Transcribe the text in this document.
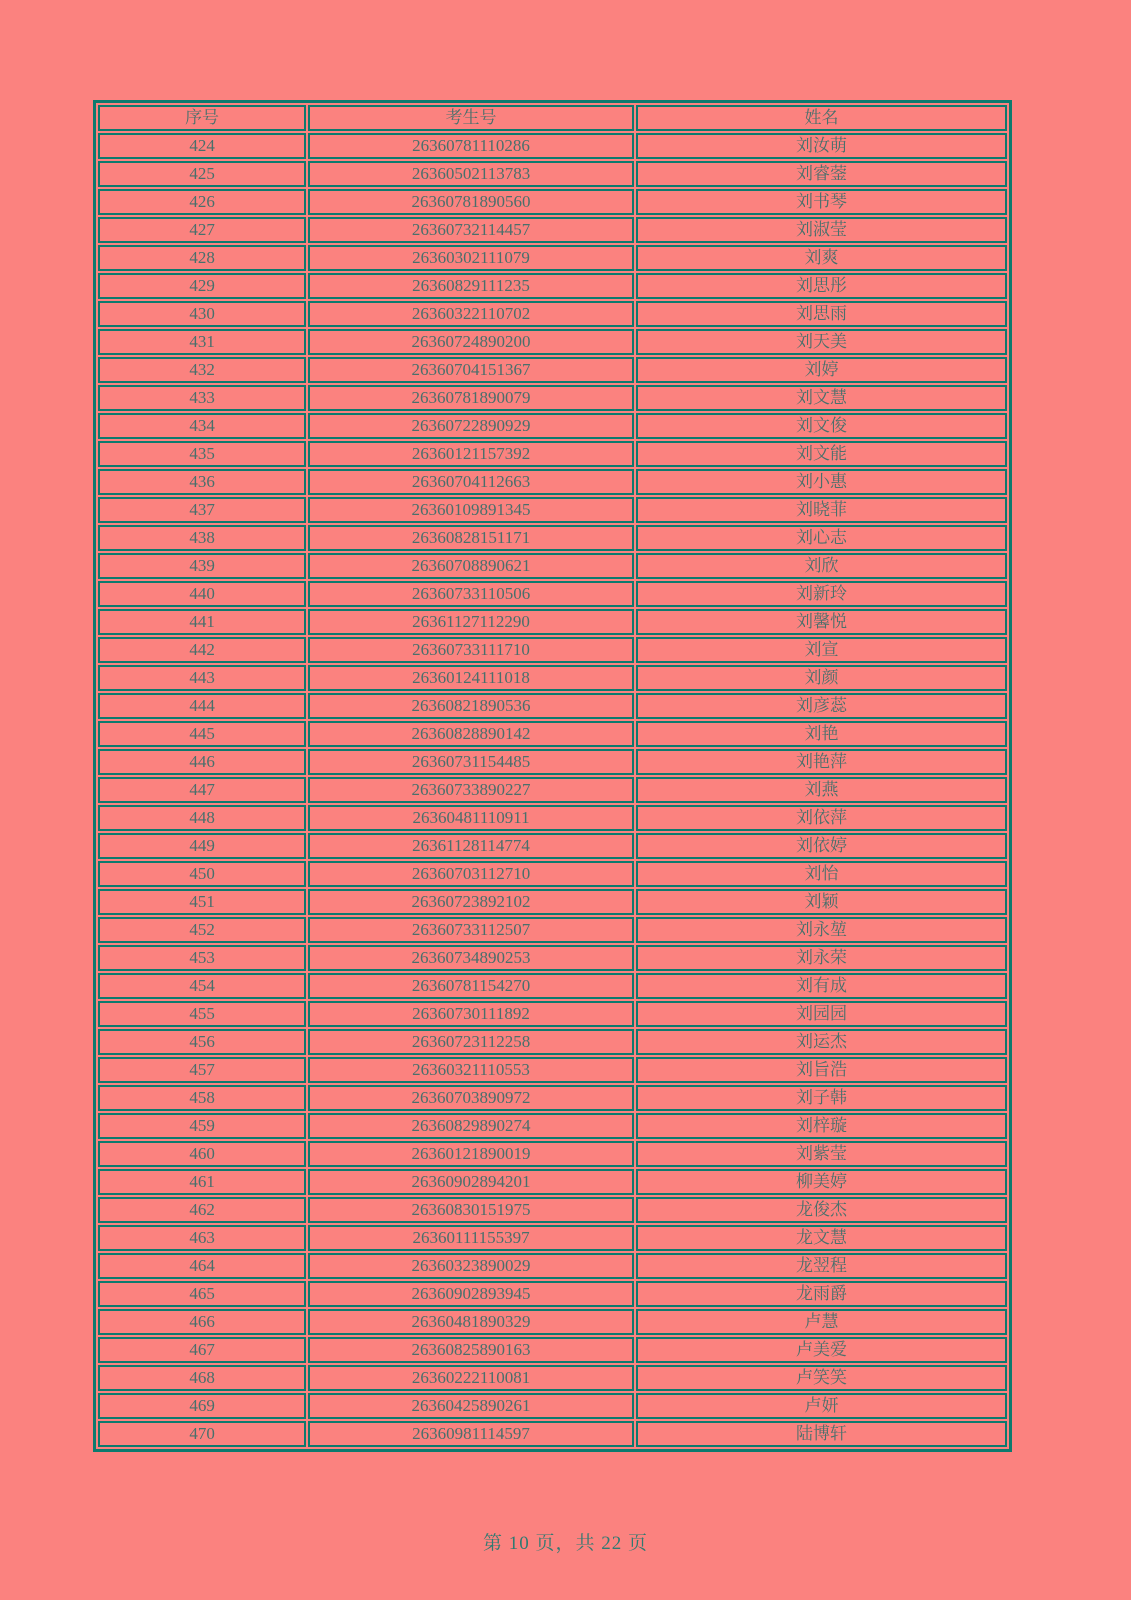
序号	考生号	姓名
424	26360781110286	刘汝萌
425	26360502113783	刘睿蓥
426	26360781890560	刘书琴
427	26360732114457	刘淑莹
428	26360302111079	刘爽
429	26360829111235	刘思彤
430	26360322110702	刘思雨
431	26360724890200	刘天美
432	26360704151367	刘婷
433	26360781890079	刘文慧
434	26360722890929	刘文俊
435	26360121157392	刘文能
436	26360704112663	刘小惠
437	26360109891345	刘晓菲
438	26360828151171	刘心志
439	26360708890621	刘欣
440	26360733110506	刘新玲
441	26361127112290	刘馨悦
442	26360733111710	刘宣
443	26360124111018	刘颜
444	26360821890536	刘彦蕊
445	26360828890142	刘艳
446	26360731154485	刘艳萍
447	26360733890227	刘燕
448	26360481110911	刘依萍
449	26361128114774	刘依婷
450	26360703112710	刘怡
451	26360723892102	刘颖
452	26360733112507	刘永堃
453	26360734890253	刘永荣
454	26360781154270	刘有成
455	26360730111892	刘园园
456	26360723112258	刘运杰
457	26360321110553	刘旨浩
458	26360703890972	刘子韩
459	26360829890274	刘梓璇
460	26360121890019	刘紫莹
461	26360902894201	柳美婷
462	26360830151975	龙俊杰
463	26360111155397	龙文慧
464	26360323890029	龙翌程
465	26360902893945	龙雨爵
466	26360481890329	卢慧
467	26360825890163	卢美爱
468	26360222110081	卢笑笑
469	26360425890261	卢妍
470	26360981114597	陆博轩
第 10 页，共 22 页
